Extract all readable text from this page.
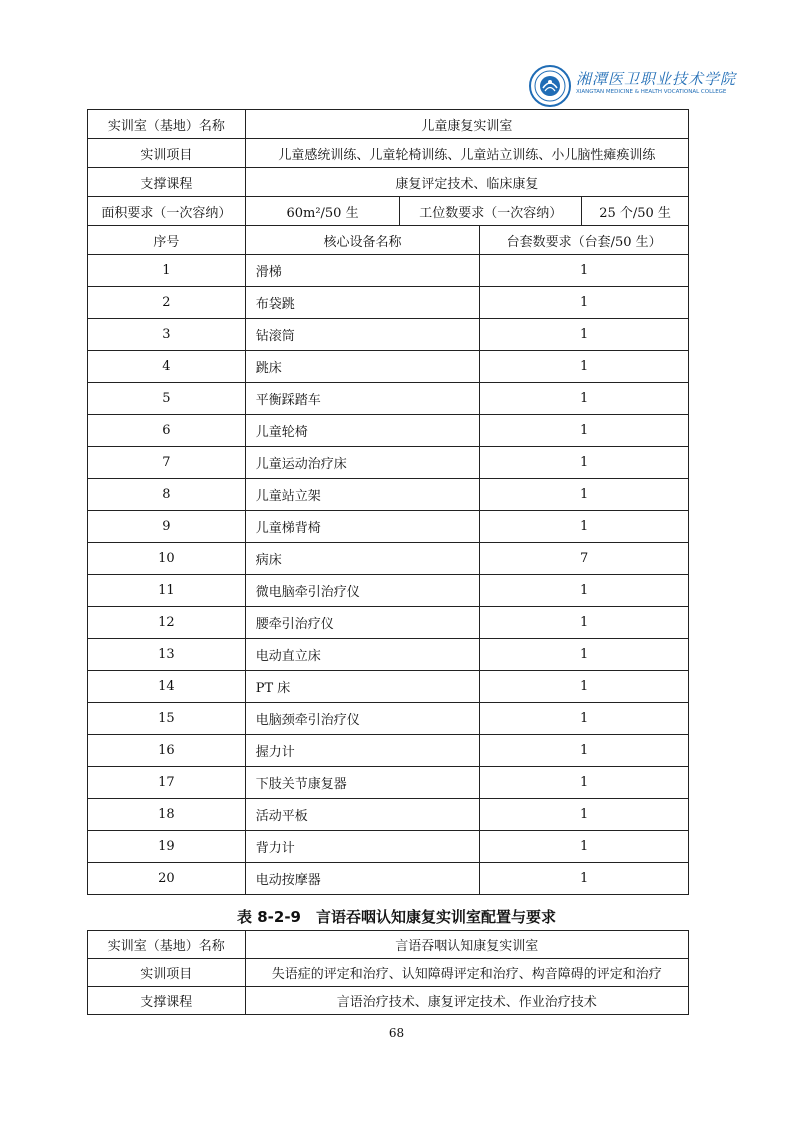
湘潭医卫职业技术学院
XIANGTAN MEDICINE & HEALTH VOCATIONAL COLLEGE
实训室（基地）名称	儿童康复实训室			
实训项目	儿童感统训练、儿童轮椅训练、儿童站立训练、小儿脑性瘫痪训练			
支撑课程	康复评定技术、临床康复			
面积要求（一次容纳）	60m²/50 生	工位数要求（一次容纳）		25 个/50 生
序号	核心设备名称		台套数要求（台套/50 生）	
1	滑梯		1	
2	布袋跳		1	
3	钻滚筒		1	
4	跳床		1	
5	平衡踩踏车		1	
6	儿童轮椅		1	
7	儿童运动治疗床		1	
8	儿童站立架		1	
9	儿童梯背椅		1	
10	病床		7	
11	微电脑牵引治疗仪		1	
12	腰牵引治疗仪		1	
13	电动直立床		1	
14	PT 床		1	
15	电脑颈牵引治疗仪		1	
16	握力计		1	
17	下肢关节康复器		1	
18	活动平板		1	
19	背力计		1	
20	电动按摩器		1	
表 8-2-9　言语吞咽认知康复实训室配置与要求
实训室（基地）名称	言语吞咽认知康复实训室
实训项目	失语症的评定和治疗、认知障碍评定和治疗、构音障碍的评定和治疗
支撑课程	言语治疗技术、康复评定技术、作业治疗技术
68
